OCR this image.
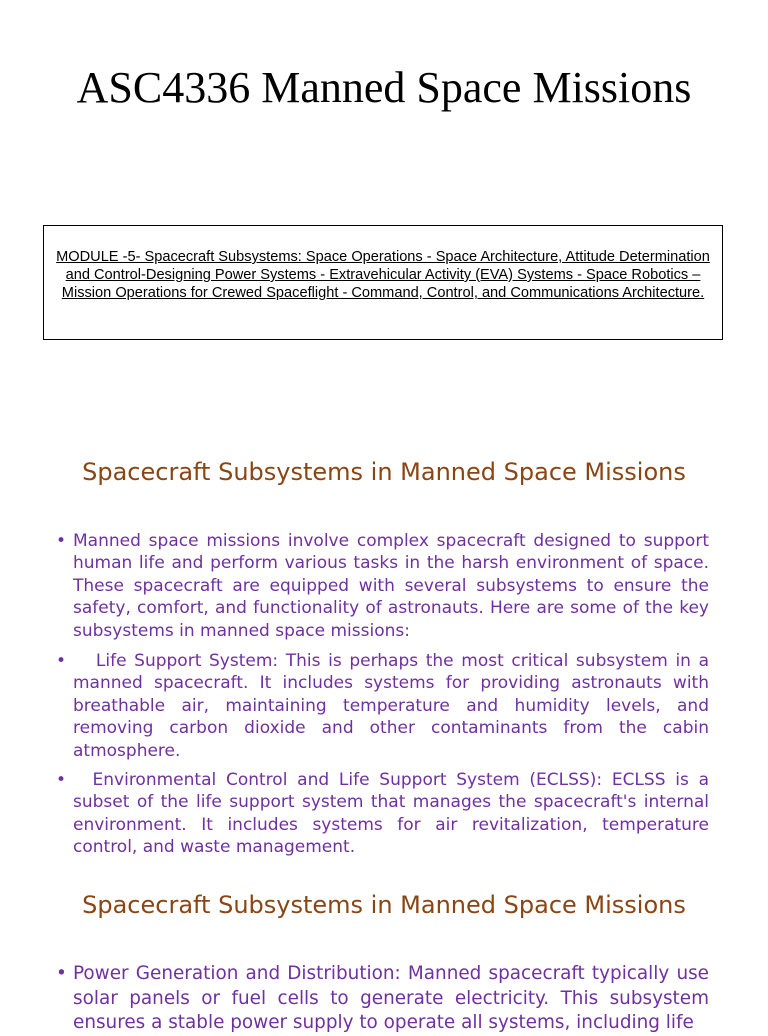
ASC4336 Manned Space Missions
MODULE -5- Spacecraft Subsystems: Space Operations - Space Architecture, Attitude Determination and Control-Designing Power Systems - Extravehicular Activity (EVA) Systems - Space Robotics – Mission Operations for Crewed Spaceflight - Command, Control, and Communications Architecture.
Spacecraft Subsystems in Manned Space Missions
• Manned space missions involve complex spacecraft designed to support human life and perform various tasks in the harsh environment of space. These spacecraft are equipped with several subsystems to ensure the safety, comfort, and functionality of astronauts. Here are some of the key subsystems in manned space missions:
• Life Support System: This is perhaps the most critical subsystem in a manned spacecraft. It includes systems for providing astronauts with breathable air, maintaining temperature and humidity levels, and removing carbon dioxide and other contaminants from the cabin atmosphere.
• Environmental Control and Life Support System (ECLSS): ECLSS is a subset of the life support system that manages the spacecraft's internal environment. It includes systems for air revitalization, temperature control, and waste management.
Spacecraft Subsystems in Manned Space Missions
• Power Generation and Distribution: Manned spacecraft typically use solar panels or fuel cells to generate electricity. This subsystem ensures a stable power supply to operate all systems, including life
